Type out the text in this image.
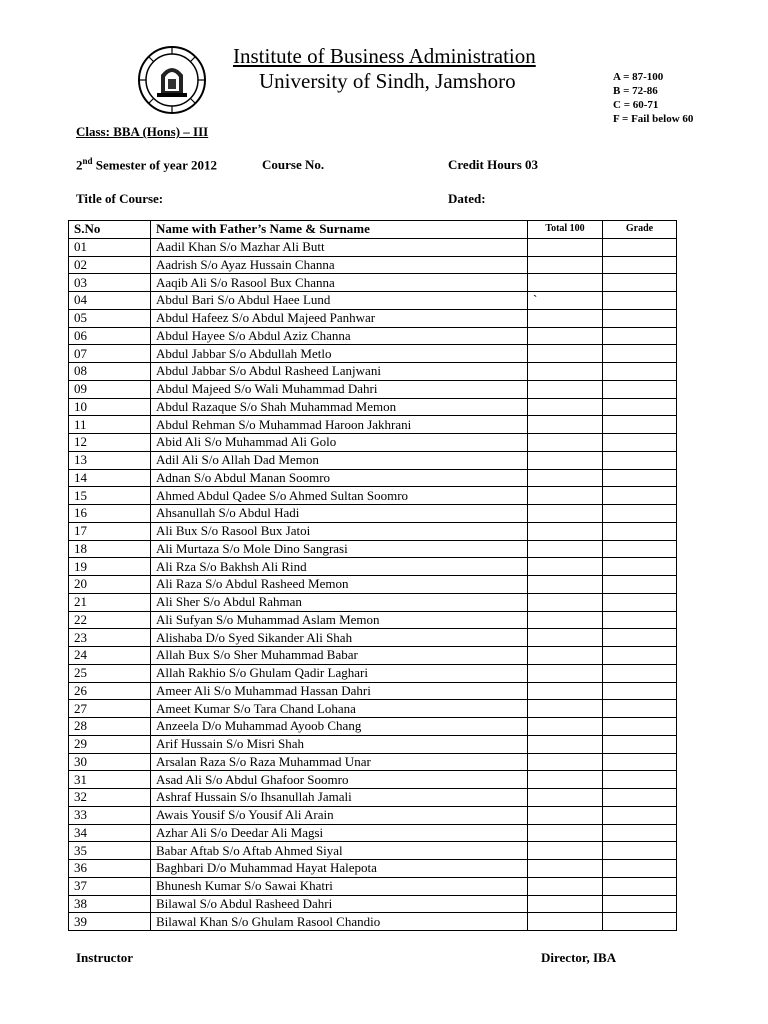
Institute of Business Administration
University of Sindh, Jamshoro	A = 87-100
B = 72-86
C = 60-71
F = Fail below 60
Class: BBA (Hons) – III
2nd Semester of year 2012	Course No.	Credit Hours 03
Title of Course:	Dated:
S.No	Name with Father’s Name & Surname	Total 100	Grade
01	Aadil Khan S/o Mazhar Ali Butt		
02	Aadrish S/o Ayaz Hussain Channa		
03	Aaqib Ali S/o Rasool Bux Channa		
04	Abdul Bari S/o Abdul Haee Lund	`	
05	Abdul Hafeez S/o Abdul Majeed Panhwar		
06	Abdul Hayee S/o Abdul Aziz Channa		
07	Abdul Jabbar S/o Abdullah Metlo		
08	Abdul Jabbar S/o Abdul Rasheed Lanjwani		
09	Abdul Majeed S/o Wali Muhammad Dahri		
10	Abdul Razaque S/o Shah Muhammad Memon		
11	Abdul Rehman S/o Muhammad Haroon Jakhrani		
12	Abid Ali S/o Muhammad Ali Golo		
13	Adil Ali S/o Allah Dad Memon		
14	Adnan S/o Abdul Manan Soomro		
15	Ahmed Abdul Qadee S/o Ahmed Sultan Soomro		
16	Ahsanullah S/o Abdul Hadi		
17	Ali Bux S/o Rasool Bux Jatoi		
18	Ali Murtaza S/o Mole Dino Sangrasi		
19	Ali Rza S/o Bakhsh Ali Rind		
20	Ali Raza S/o Abdul Rasheed Memon		
21	Ali Sher S/o Abdul Rahman		
22	Ali Sufyan S/o Muhammad Aslam Memon		
23	Alishaba D/o Syed Sikander Ali Shah		
24	Allah Bux S/o Sher Muhammad Babar		
25	Allah Rakhio S/o Ghulam Qadir Laghari		
26	Ameer Ali S/o Muhammad Hassan Dahri		
27	Ameet Kumar S/o Tara Chand Lohana		
28	Anzeela D/o Muhammad Ayoob Chang		
29	Arif Hussain S/o Misri Shah		
30	Arsalan Raza S/o Raza Muhammad Unar		
31	Asad Ali S/o Abdul Ghafoor Soomro		
32	Ashraf Hussain S/o Ihsanullah Jamali		
33	Awais Yousif S/o Yousif Ali Arain		
34	Azhar Ali S/o Deedar Ali Magsi		
35	Babar Aftab S/o Aftab Ahmed Siyal		
36	Baghbari D/o Muhammad Hayat Halepota		
37	Bhunesh Kumar S/o Sawai Khatri		
38	Bilawal S/o Abdul Rasheed Dahri		
39	Bilawal Khan S/o Ghulam Rasool Chandio		
Instructor	Director, IBA
